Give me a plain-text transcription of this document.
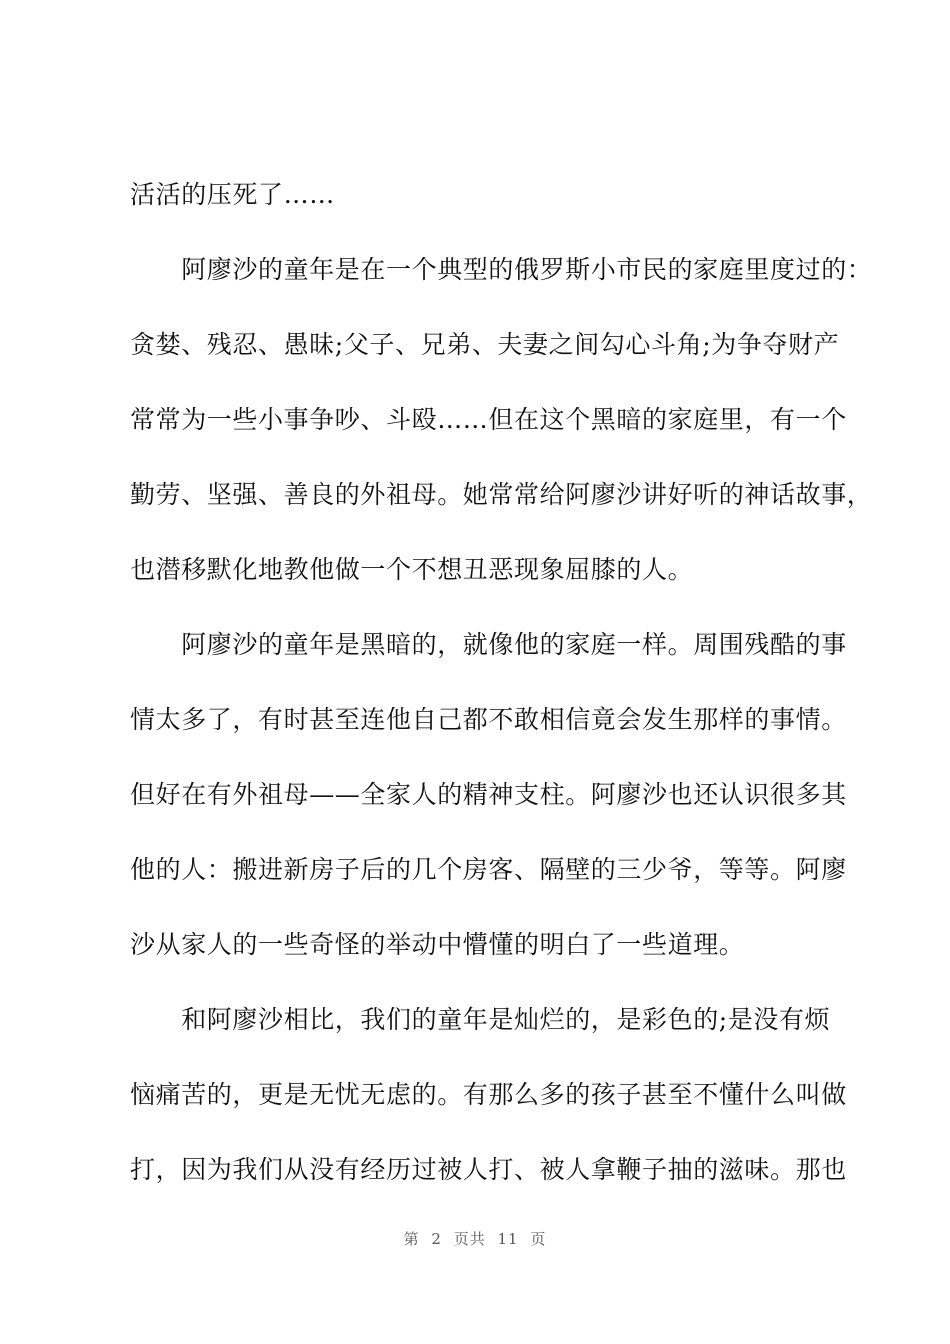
活活的压死了……
　　阿廖沙的童年是在一个典型的俄罗斯小市民的家庭里度过的：
贪婪、残忍、愚昧;父子、兄弟、夫妻之间勾心斗角;为争夺财产
常常为一些小事争吵、斗殴……但在这个黑暗的家庭里，有一个
勤劳、坚强、善良的外祖母。她常常给阿廖沙讲好听的神话故事，
也潜移默化地教他做一个不想丑恶现象屈膝的人。
　　阿廖沙的童年是黑暗的，就像他的家庭一样。周围残酷的事
情太多了，有时甚至连他自己都不敢相信竟会发生那样的事情。
但好在有外祖母——全家人的精神支柱。阿廖沙也还认识很多其
他的人：搬进新房子后的几个房客、隔壁的三少爷，等等。阿廖
沙从家人的一些奇怪的举动中懵懂的明白了一些道理。
　　和阿廖沙相比，我们的童年是灿烂的，是彩色的;是没有烦
恼痛苦的，更是无忧无虑的。有那么多的孩子甚至不懂什么叫做
打，因为我们从没有经历过被人打、被人拿鞭子抽的滋味。那也
第 2 页共 11 页
